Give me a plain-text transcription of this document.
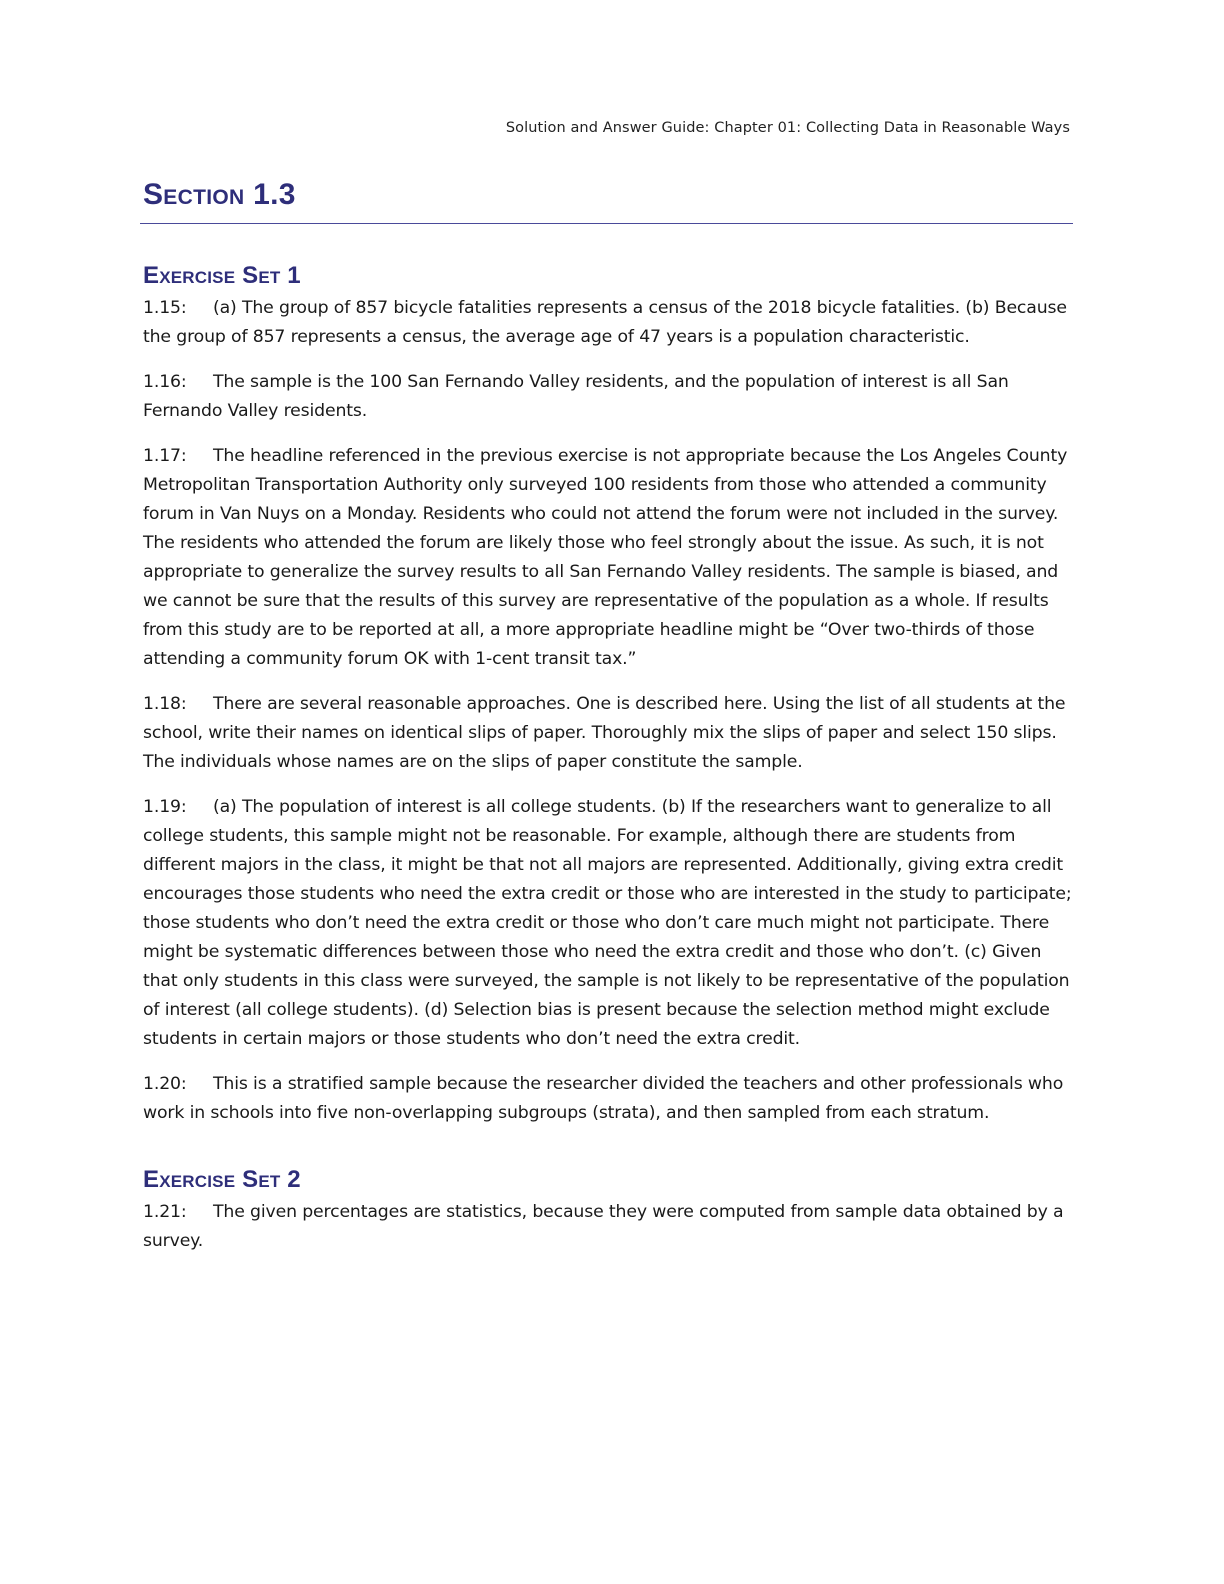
Solution and Answer Guide: Chapter 01: Collecting Data in Reasonable Ways
Section 1.3
Exercise Set 1

1.15: (a) The group of 857 bicycle fatalities represents a census of the 2018 bicycle fatalities. (b) Because the group of 857 represents a census, the average age of 47 years is a population characteristic.

1.16: The sample is the 100 San Fernando Valley residents, and the population of interest is all San Fernando Valley residents.

1.17: The headline referenced in the previous exercise is not appropriate because the Los Angeles County Metropolitan Transportation Authority only surveyed 100 residents from those who attended a community forum in Van Nuys on a Monday. Residents who could not attend the forum were not included in the survey. The residents who attended the forum are likely those who feel strongly about the issue. As such, it is not appropriate to generalize the survey results to all San Fernando Valley residents. The sample is biased, and we cannot be sure that the results of this survey are representative of the population as a whole. If results from this study are to be reported at all, a more appropriate headline might be “Over two-thirds of those attending a community forum OK with 1-cent transit tax.”

1.18: There are several reasonable approaches. One is described here. Using the list of all students at the school, write their names on identical slips of paper. Thoroughly mix the slips of paper and select 150 slips. The individuals whose names are on the slips of paper constitute the sample.

1.19: (a) The population of interest is all college students. (b) If the researchers want to generalize to all college students, this sample might not be reasonable. For example, although there are students from different majors in the class, it might be that not all majors are represented. Additionally, giving extra credit encourages those students who need the extra credit or those who are interested in the study to participate; those students who don’t need the extra credit or those who don’t care much might not participate. There might be systematic differences between those who need the extra credit and those who don’t. (c) Given that only students in this class were surveyed, the sample is not likely to be representative of the population of interest (all college students). (d) Selection bias is present because the selection method might exclude students in certain majors or those students who don’t need the extra credit.

1.20: This is a stratified sample because the researcher divided the teachers and other professionals who work in schools into five non-overlapping subgroups (strata), and then sampled from each stratum.

Exercise Set 2

1.21: The given percentages are statistics, because they were computed from sample data obtained by a survey.
